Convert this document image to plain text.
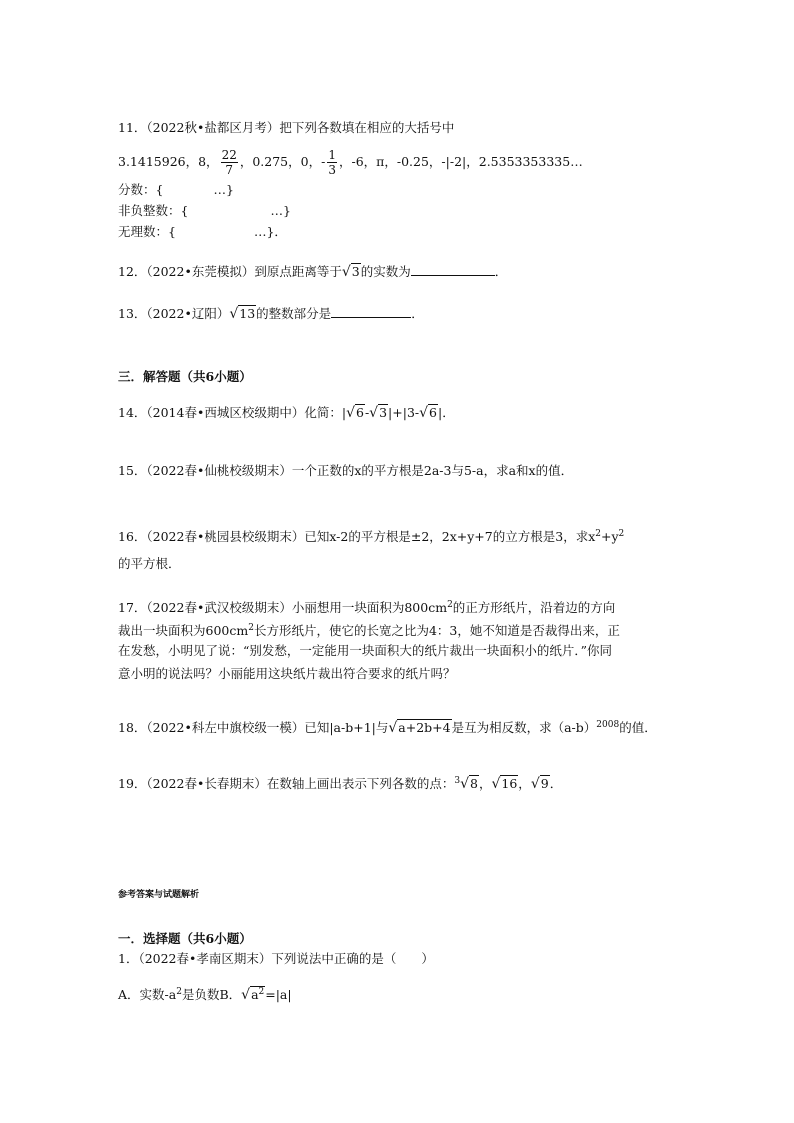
11．（2022秋•盐都区月考）把下列各数填在相应的大括号中
3.1415926，8， $\frac{22}{7}$ ，0.275，0， - $\frac{1}{3}$ ，-6，π，-0.25，-|-2|，2.5353353335…
分数：{	…}
非负整数：{	…}
无理数：{	…}．
12．（2022•东莞模拟）到原点距离等于√3的实数为	．
13．（2022•辽阳）√13的整数部分是	．
三．解答题（共6小题）
14．（2014春•西城区校级期中）化简：|√6-√3|+|3-√6|．
15．（2022春•仙桃校级期末）一个正数的x的平方根是2a-3与5-a，求a和x的值．
16．（2022春•桃园县校级期末）已知x-2的平方根是±2，2x+y+7的立方根是3，求$x^2+y^2$
的平方根．
17．（2022春•武汉校级期末）小丽想用一块面积为$800cm^2$的正方形纸片，沿着边的方向
裁出一块面积为$600cm^2$长方形纸片，使它的长宽之比为4：3，她不知道是否裁得出来，正
在发愁，小明见了说：“别发愁，一定能用一块面积大的纸片裁出一块面积小的纸片．”你同
意小明的说法吗？小丽能用这块纸片裁出符合要求的纸片吗？
18．（2022•科左中旗校级一模）已知|a-b+1|与√a+2b+4是互为相反数，求$(a-b)^{2008}$的值．
19．（2022春•长春期末）在数轴上画出表示下列各数的点：$^3$√8，√16，√9．
参考答案与试题解析
一．选择题（共6小题）
1．（2022春•孝南区期末）下列说法中正确的是（　　）
A．实数$-a^2$是负数B．$√a^2=|a|$
